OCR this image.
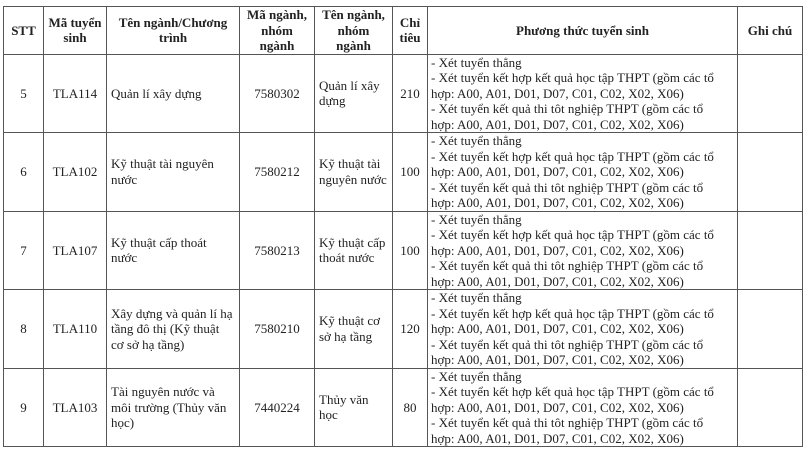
STT	Mã tuyển sinh	Tên ngành/Chương trình	Mã ngành, nhóm ngành	Tên ngành, nhóm ngành	Chỉ tiêu	Phương thức tuyển sinh	Ghi chú
5	TLA114	Quản lí xây dựng	7580302	Quản lí xây dựng	210	- Xét tuyển thẳng
- Xét tuyển kết hợp kết quả học tập THPT (gồm các tổ
hợp: A00, A01, D01, D07, C01, C02, X02, X06)
- Xét tuyển kết quả thi tôt nghiệp THPT (gồm các tổ
hợp: A00, A01, D01, D07, C01, C02, X02, X06)	

6	TLA102	Kỹ thuật tài nguyên nước	7580212	Kỹ thuật tài nguyên nước	100	- Xét tuyển thẳng
- Xét tuyển kết hợp kết quả học tập THPT (gồm các tổ
hợp: A00, A01, D01, D07, C01, C02, X02, X06)
- Xét tuyển kết quả thi tôt nghiệp THPT (gồm các tổ
hợp: A00, A01, D01, D07, C01, C02, X02, X06)	

7	TLA107	Kỹ thuật cấp thoát nước	7580213	Kỹ thuật cấp thoát nước	100	- Xét tuyển thẳng
- Xét tuyển kết hợp kết quả học tập THPT (gồm các tổ
hợp: A00, A01, D01, D07, C01, C02, X02, X06)
- Xét tuyển kết quả thi tôt nghiệp THPT (gồm các tổ
hợp: A00, A01, D01, D07, C01, C02, X02, X06)	

8	TLA110	Xây dựng và quản lí hạ tầng đô thị (Kỹ thuật cơ sở hạ tầng)	7580210	Kỹ thuật cơ sở hạ tầng	120	- Xét tuyển thẳng
- Xét tuyển kết hợp kết quả học tập THPT (gồm các tổ
hợp: A00, A01, D01, D07, C01, C02, X02, X06)
- Xét tuyển kết quả thi tôt nghiệp THPT (gồm các tổ
hợp: A00, A01, D01, D07, C01, C02, X02, X06)	

9	TLA103	Tài nguyên nước và môi trường (Thủy văn học)	7440224	Thủy văn học	80	- Xét tuyển thẳng
- Xét tuyển kết hợp kết quả học tập THPT (gồm các tổ
hợp: A00, A01, D01, D07, C01, C02, X02, X06)
- Xét tuyển kết quả thi tôt nghiệp THPT (gồm các tổ
hợp: A00, A01, D01, D07, C01, C02, X02, X06)	
